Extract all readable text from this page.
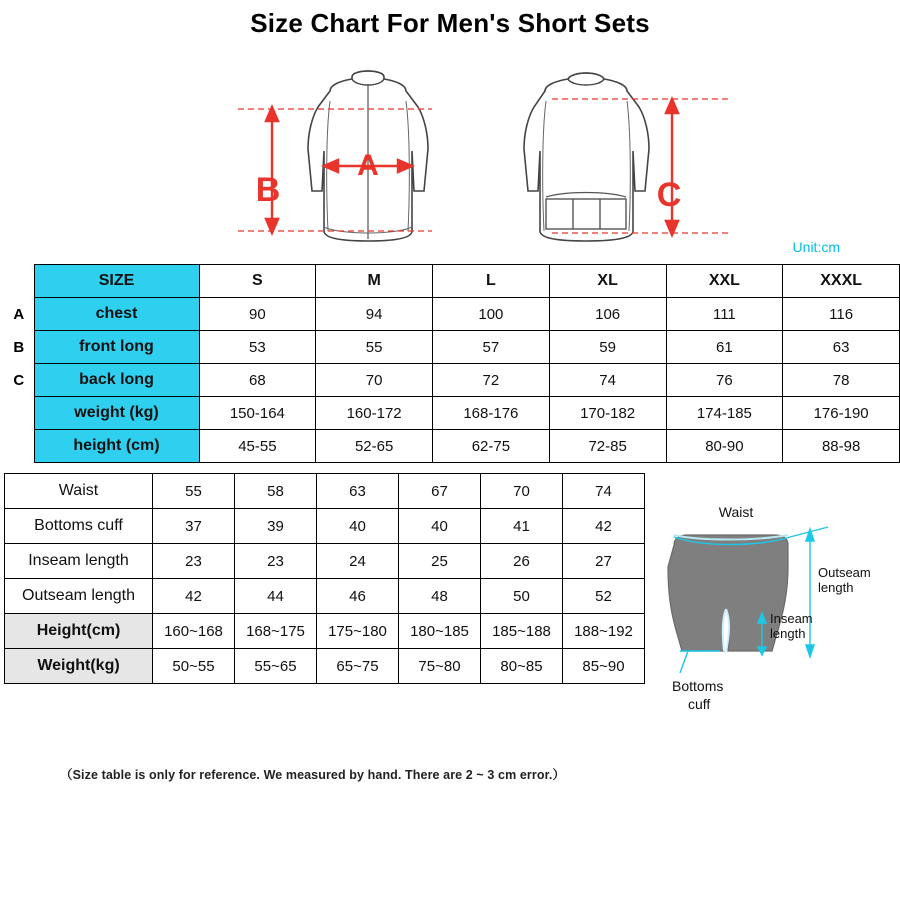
Size Chart For Men's Short Sets
B
A
C
Unit:cm
	SIZE	S	M	L	XL	XXL	XXXL
A	chest	90	94	100	106	111	116
B	front long	53	55	57	59	61	63
C	back long	68	70	72	74	76	78
	weight (kg)	150-164	160-172	168-176	170-182	174-185	176-190
	height (cm)	45-55	52-65	62-75	72-85	80-90	88-98
Waist	55	58	63	67	70	74
Bottoms cuff	37	39	40	40	41	42
Inseam length	23	23	24	25	26	27
Outseam length	42	44	46	48	50	52
Height(cm)	160~168	168~175	175~180	180~185	185~188	188~192
Weight(kg)	50~55	55~65	65~75	75~80	80~85	85~90
（Size table is only for reference. We measured by hand. There are 2 ~ 3 cm error.）
Waist
Outseam
length
Inseam
length
Bottoms
cuff
